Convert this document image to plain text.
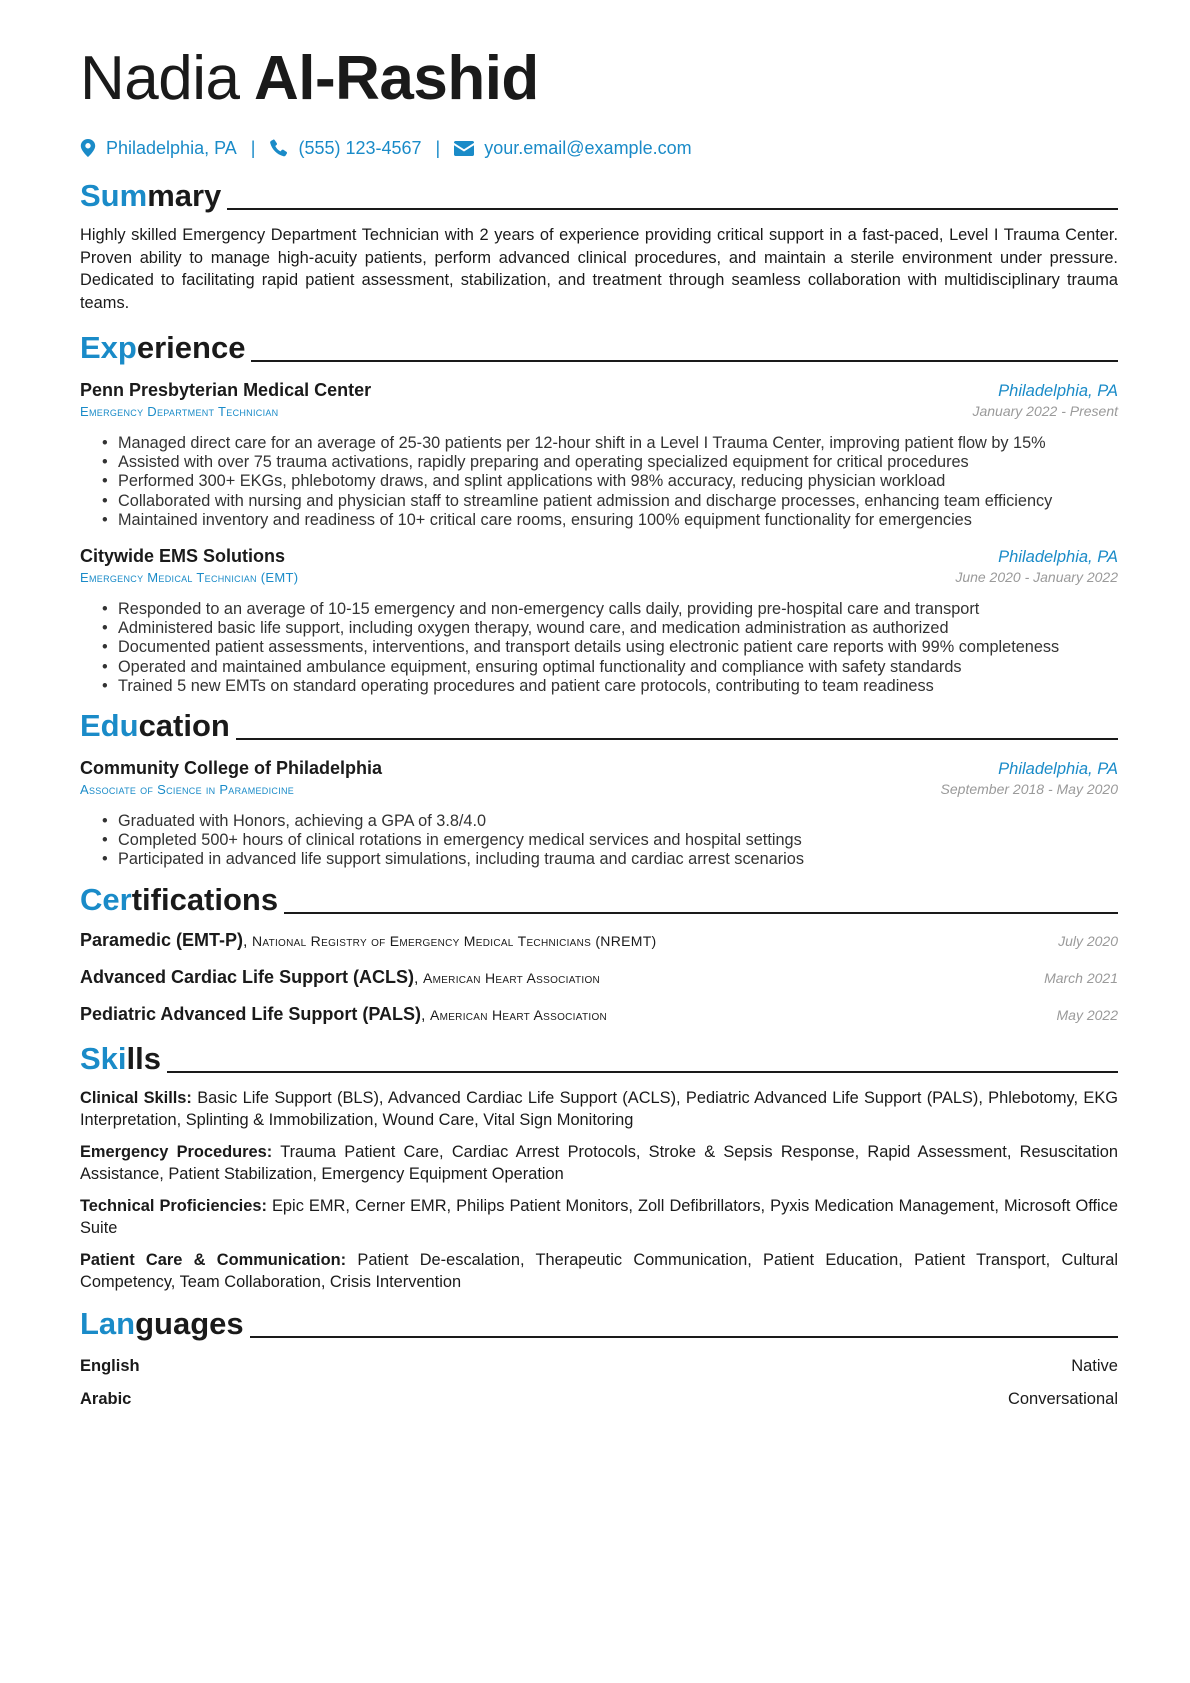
Nadia Al-Rashid
Philadelphia, PA | (555) 123-4567 | your.email@example.com
Summary

Highly skilled Emergency Department Technician with 2 years of experience providing critical support in a fast-paced, Level I Trauma Center. Proven ability to manage high-acuity patients, perform advanced clinical procedures, and maintain a sterile environment under pressure. Dedicated to facilitating rapid patient assessment, stabilization, and treatment through seamless collaboration with multidisciplinary trauma teams.

Experience
Penn Presbyterian Medical Center	Philadelphia, PA
Emergency Department Technician	January 2022 - Present
• Managed direct care for an average of 25-30 patients per 12-hour shift in a Level I Trauma Center, improving patient flow by 15%
• Assisted with over 75 trauma activations, rapidly preparing and operating specialized equipment for critical procedures
• Performed 300+ EKGs, phlebotomy draws, and splint applications with 98% accuracy, reducing physician workload
• Collaborated with nursing and physician staff to streamline patient admission and discharge processes, enhancing team efficiency
• Maintained inventory and readiness of 10+ critical care rooms, ensuring 100% equipment functionality for emergencies
Citywide EMS Solutions	Philadelphia, PA
Emergency Medical Technician (EMT)	June 2020 - January 2022
• Responded to an average of 10-15 emergency and non-emergency calls daily, providing pre-hospital care and transport
• Administered basic life support, including oxygen therapy, wound care, and medication administration as authorized
• Documented patient assessments, interventions, and transport details using electronic patient care reports with 99% completeness
• Operated and maintained ambulance equipment, ensuring optimal functionality and compliance with safety standards
• Trained 5 new EMTs on standard operating procedures and patient care protocols, contributing to team readiness
Education
Community College of Philadelphia	Philadelphia, PA
Associate of Science in Paramedicine	September 2018 - May 2020
• Graduated with Honors, achieving a GPA of 3.8/4.0
• Completed 500+ hours of clinical rotations in emergency medical services and hospital settings
• Participated in advanced life support simulations, including trauma and cardiac arrest scenarios
Certifications
Paramedic (EMT-P), National Registry of Emergency Medical Technicians (NREMT)	July 2020
Advanced Cardiac Life Support (ACLS), American Heart Association	March 2021
Pediatric Advanced Life Support (PALS), American Heart Association	May 2022
Skills

Clinical Skills: Basic Life Support (BLS), Advanced Cardiac Life Support (ACLS), Pediatric Advanced Life Support (PALS), Phlebotomy, EKG Interpretation, Splinting & Immobilization, Wound Care, Vital Sign Monitoring

Emergency Procedures: Trauma Patient Care, Cardiac Arrest Protocols, Stroke & Sepsis Response, Rapid Assessment, Resuscitation Assistance, Patient Stabilization, Emergency Equipment Operation

Technical Proficiencies: Epic EMR, Cerner EMR, Philips Patient Monitors, Zoll Defibrillators, Pyxis Medication Management, Microsoft Office Suite

Patient Care & Communication: Patient De-escalation, Therapeutic Communication, Patient Education, Patient Transport, Cultural Competency, Team Collaboration, Crisis Intervention

Languages
English	Native
Arabic	Conversational
